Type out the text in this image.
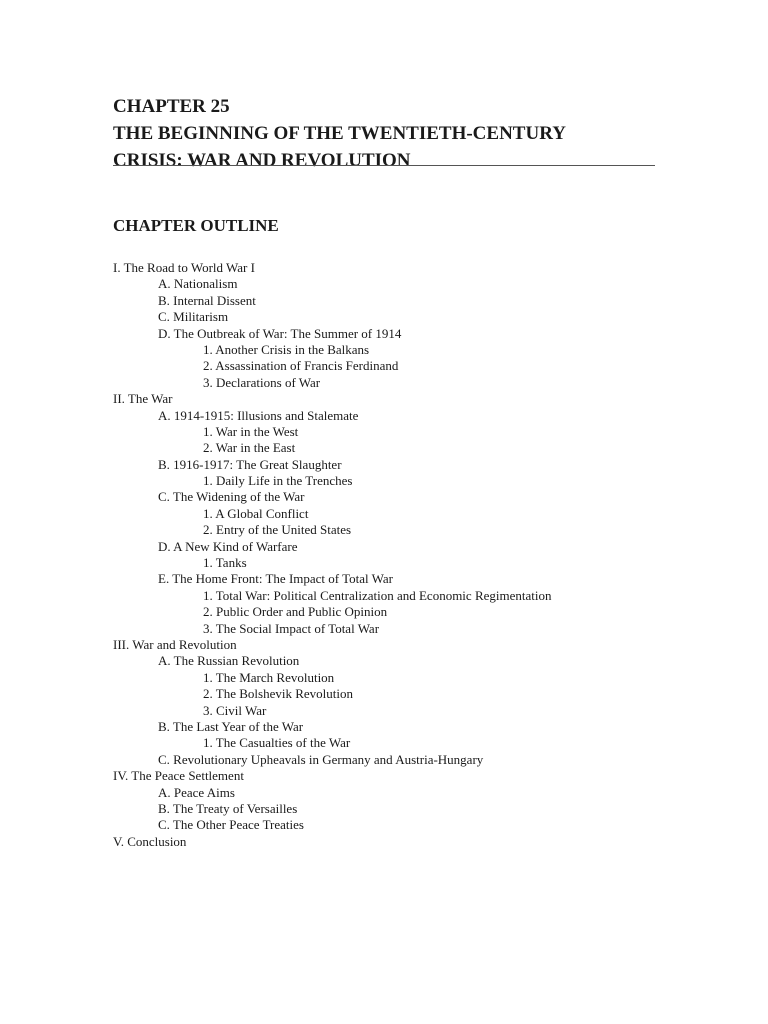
CHAPTER 25
THE BEGINNING OF THE TWENTIETH-CENTURY
CRISIS: WAR AND REVOLUTION
CHAPTER OUTLINE
I. The Road to World War I
A. Nationalism
B. Internal Dissent
C. Militarism
D. The Outbreak of War: The Summer of 1914
1. Another Crisis in the Balkans
2. Assassination of Francis Ferdinand
3. Declarations of War
II. The War
A. 1914-1915: Illusions and Stalemate
1. War in the West
2. War in the East
B. 1916-1917: The Great Slaughter
1. Daily Life in the Trenches
C. The Widening of the War
1. A Global Conflict
2. Entry of the United States
D. A New Kind of Warfare
1. Tanks
E. The Home Front: The Impact of Total War
1. Total War: Political Centralization and Economic Regimentation
2. Public Order and Public Opinion
3. The Social Impact of Total War
III. War and Revolution
A. The Russian Revolution
1. The March Revolution
2. The Bolshevik Revolution
3. Civil War
B. The Last Year of the War
1. The Casualties of the War
C. Revolutionary Upheavals in Germany and Austria-Hungary
IV. The Peace Settlement
A. Peace Aims
B. The Treaty of Versailles
C. The Other Peace Treaties
V. Conclusion
